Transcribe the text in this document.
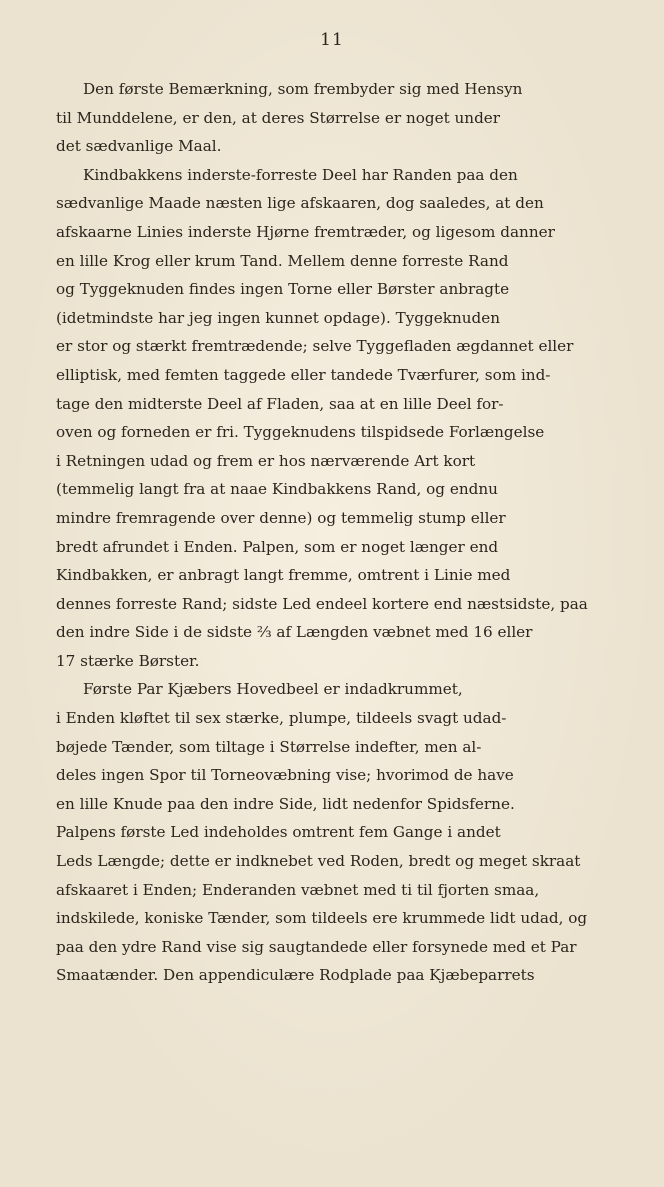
11

Den første Bemærkning, som frembyder sig med Hensyn
til Munddelene, er den, at deres Størrelse er noget under
det sædvanlige Maal.

Kindbakkens inderste-forreste Deel har Randen paa den
sædvanlige Maade næsten lige afskaaren, dog saaledes, at den
afskaarne Linies inderste Hjørne fremtræder, og ligesom danner
en lille Krog eller krum Tand. Mellem denne forreste Rand
og Tyggeknuden findes ingen Torne eller Børster anbragte
(idetmindste har jeg ingen kunnet opdage). Tyggeknuden
er stor og stærkt fremtrædende; selve Tyggefladen ægdannet eller
elliptisk, med femten taggede eller tandede Tværfurer, som ind-
tage den midterste Deel af Fladen, saa at en lille Deel for-
oven og forneden er fri. Tyggeknudens tilspidsede Forlængelse
i Retningen udad og frem er hos nærværende Art kort
(temmelig langt fra at naae Kindbakkens Rand, og endnu
mindre fremragende over denne) og temmelig stump eller
bredt afrundet i Enden. Palpen, som er noget længer end
Kindbakken, er anbragt langt fremme, omtrent i Linie med
dennes forreste Rand; sidste Led endeel kortere end næstsidste, paa
den indre Side i de sidste ⅔ af Længden væbnet med 16 eller
17 stærke Børster.

Første Par Kjæbers Hovedbeel er indadkrummet,
i Enden kløftet til sex stærke, plumpe, tildeels svagt udad-
bøjede Tænder, som tiltage i Størrelse indefter, men al-
deles ingen Spor til Torneovæbning vise; hvorimod de have
en lille Knude paa den indre Side, lidt nedenfor Spidsferne.
Palpens første Led indeholdes omtrent fem Gange i andet
Leds Længde; dette er indknebet ved Roden, bredt og meget skraat
afskaaret i Enden; Enderanden væbnet med ti til fjorten smaa,
indskilede, koniske Tænder, som tildeels ere krummede lidt udad, og
paa den ydre Rand vise sig saugtandede eller forsynede med et Par
Smaatænder. Den appendiculære Rodplade paa Kjæbeparrets
